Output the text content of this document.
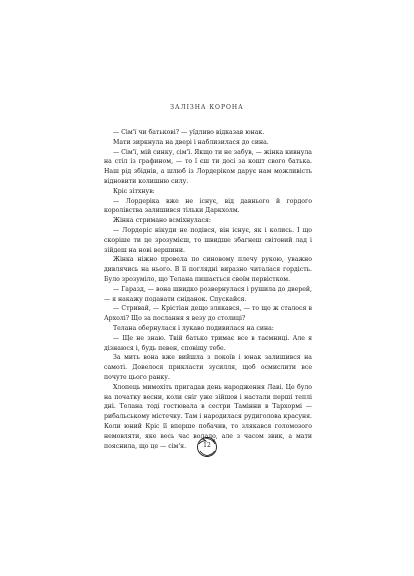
ЗАЛІЗНА КОРОНА

— Сім'ї чи батькові? — уїдливо відказав юнак.

Мати зиркнула на двері і наблизилася до сина.

— Сім'ї, мій синку, сім'ї. Якщо ти не забув, — жінка кивнула на стіл із графином, — то ї єш ти досі за кошт свого батька. Наш рід збіднів, а шлюб із Лордеріком дарує нам можливість відновити колишню силу.

Кріс зітхнув:

— Лордеріка вже не існує, від давнього й гордого королівства залишився тільки Даркхолм.

Жінка стримано всміхнулася:

— Лордеріс нікуди не подівся, він існує, як і колись. І що скоріше ти це зрозумієш, то швидше збагнеш світовий лад і зійдеш на нові вершини.

Жінка ніжно провела по синовому плечу рукою, уважно дивлячись на нього. В її поглядні виразно читалася гордість. Було зрозуміло, що Телана пишається своїм первістком.

— Гаразд, — вона швидко розвернулася і рушила до дверей, — я накажу подавати сніданок. Спускайся.

— Стривай, — Крістіан дещо злякався, — то що ж сталося в Архолі? Що за послання я везу до столиці?

Телана обернулася і лукаво подивилася на сина:

— Ще не знаю. Твій батько тримає все в таємниці. Але я дізнаюся і, будь певен, сповіщу тебе.

За мить вона вже вийшла з покоїв і юнак залишився на самоті. Довелося прикласти зусилля, щоб осмислити все почуте цього ранку.

Хлопець мимохіть пригадав день народження Лаві. Це було на початку весни, коли сніг уже зійшов і настали перші теплі дні. Телана тоді гостювала в сестри Тамінни в Тархормі — рибальському містечку. Там і народилася рудиголова красуня. Коли юний Кріс її вперше побачив, то злякався голомозого немовляти, яке весь час волало, але з часом звик, а мати пояснила, що це — сім'я.	12
